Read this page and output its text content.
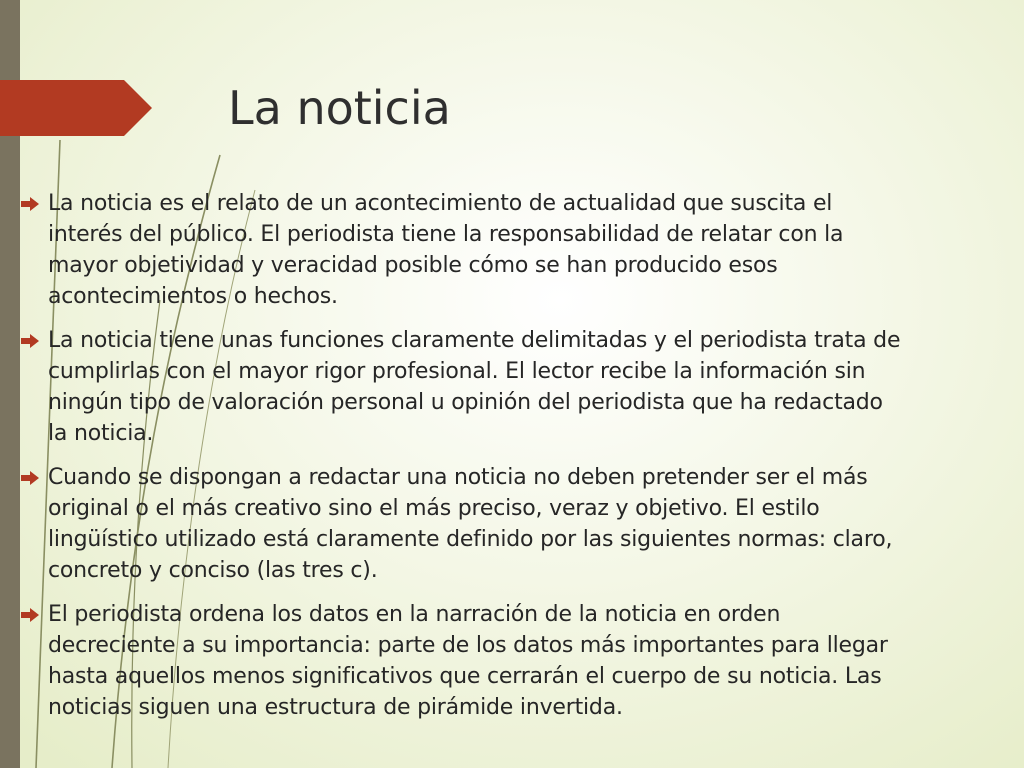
La noticia
La noticia es el relato de un acontecimiento de actualidad que suscita el interés del público. El periodista tiene la responsabilidad de relatar con la mayor objetividad y veracidad posible cómo se han producido esos acontecimientos o hechos.
La noticia tiene unas funciones claramente delimitadas y el periodista trata de cumplirlas con el mayor rigor profesional. El lector recibe la información sin ningún tipo de valoración personal u opinión del periodista que ha redactado la noticia.
Cuando se dispongan a redactar una noticia no deben pretender ser el más original o el más creativo sino el más preciso, veraz y objetivo. El estilo lingüístico utilizado está claramente definido por las siguientes normas: claro, concreto y conciso (las tres c).
El periodista ordena los datos en la narración de la noticia en orden decreciente a su importancia: parte de los datos más importantes para llegar hasta aquellos menos significativos que cerrarán el cuerpo de su noticia. Las noticias siguen una estructura de pirámide invertida.
